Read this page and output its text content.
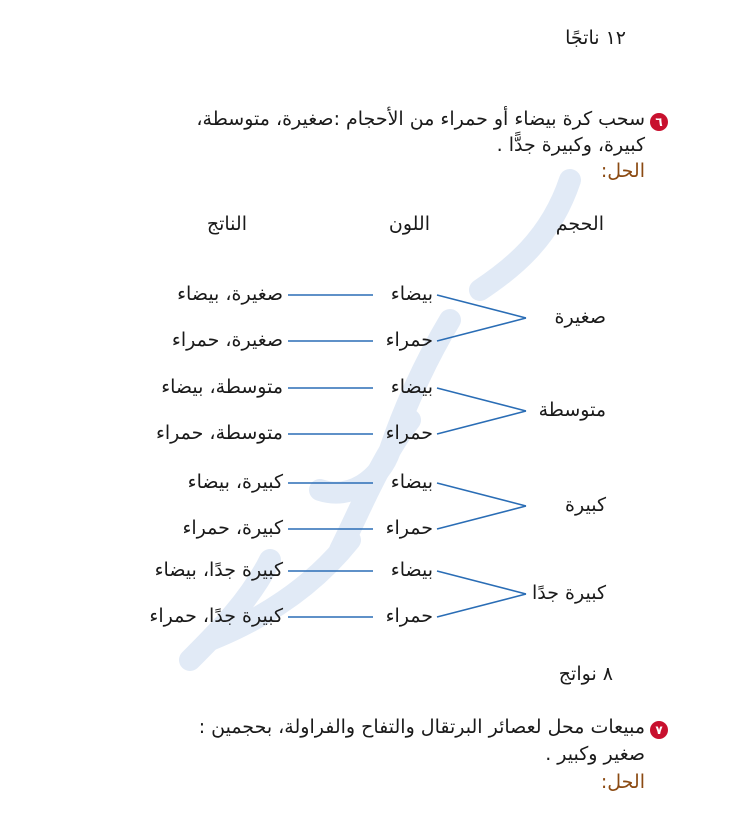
١٢ ناتجًا
٦
سحب كرة بيضاء أو حمراء من الأحجام :صغيرة، متوسطة،
كبيرة، وكبيرة جدًّا .
الحل:
الحجم
اللون
الناتج
صغيرة
بيضاء
صغيرة، بيضاء
حمراء
صغيرة، حمراء
متوسطة
بيضاء
متوسطة، بيضاء
حمراء
متوسطة، حمراء
كبيرة
بيضاء
كبيرة، بيضاء
حمراء
كبيرة، حمراء
كبيرة جدًا
بيضاء
كبيرة جدًا، بيضاء
حمراء
كبيرة جدًا، حمراء
٨ نواتج
٧
مبيعات محل لعصائر البرتقال والتفاح والفراولة، بحجمين :
صغير وكبير .
الحل:
